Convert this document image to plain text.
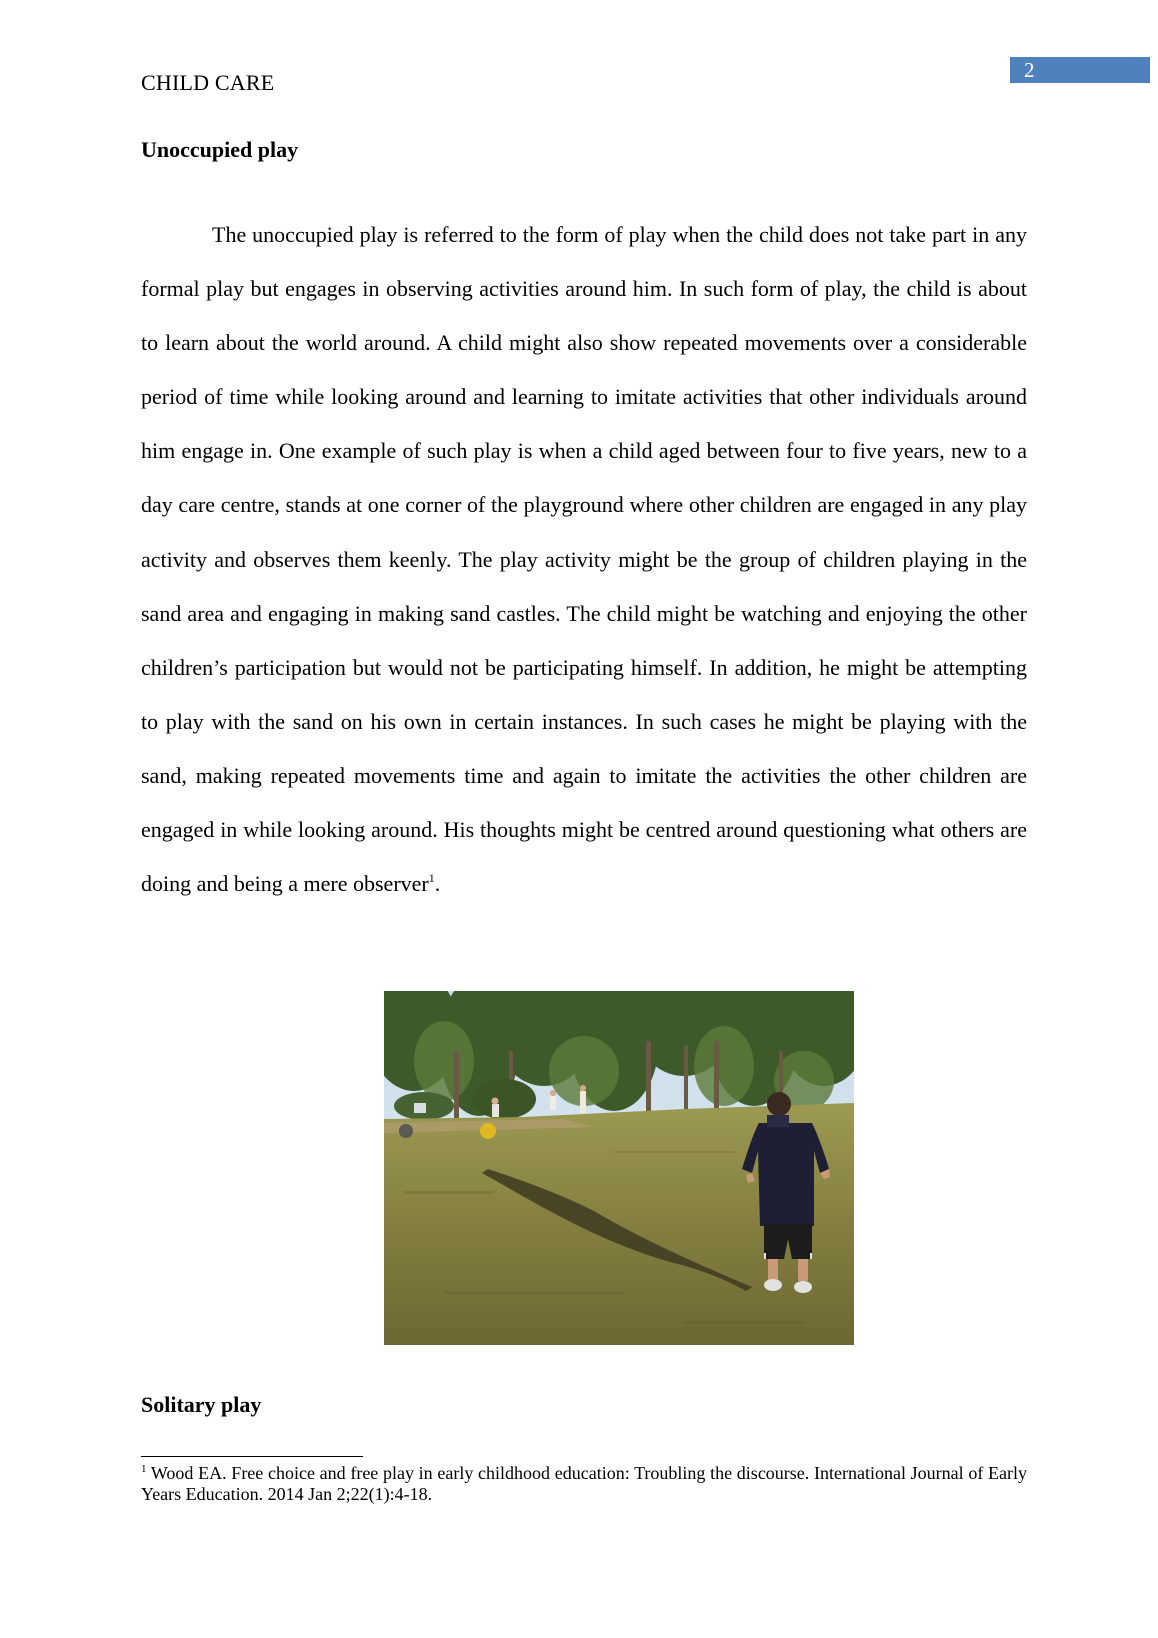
CHILD CARE	2
Unoccupied play

The unoccupied play is referred to the form of play when the child does not take part in any formal play but engages in observing activities around him. In such form of play, the child is about to learn about the world around. A child might also show repeated movements over a considerable period of time while looking around and learning to imitate activities that other individuals around him engage in. One example of such play is when a child aged between four to five years, new to a day care centre, stands at one corner of the playground where other children are engaged in any play activity and observes them keenly. The play activity might be the group of children playing in the sand area and engaging in making sand castles. The child might be watching and enjoying the other children’s participation but would not be participating himself. In addition, he might be attempting to play with the sand on his own in certain instances. In such cases he might be playing with the sand, making repeated movements time and again to imitate the activities the other children are engaged in while looking around. His thoughts might be centred around questioning what others are doing and being a mere observer$^1$.

Solitary play

$^1$ Wood EA. Free choice and free play in early childhood education: Troubling the discourse. International Journal of Early Years Education. 2014 Jan 2;22(1):4-18.
